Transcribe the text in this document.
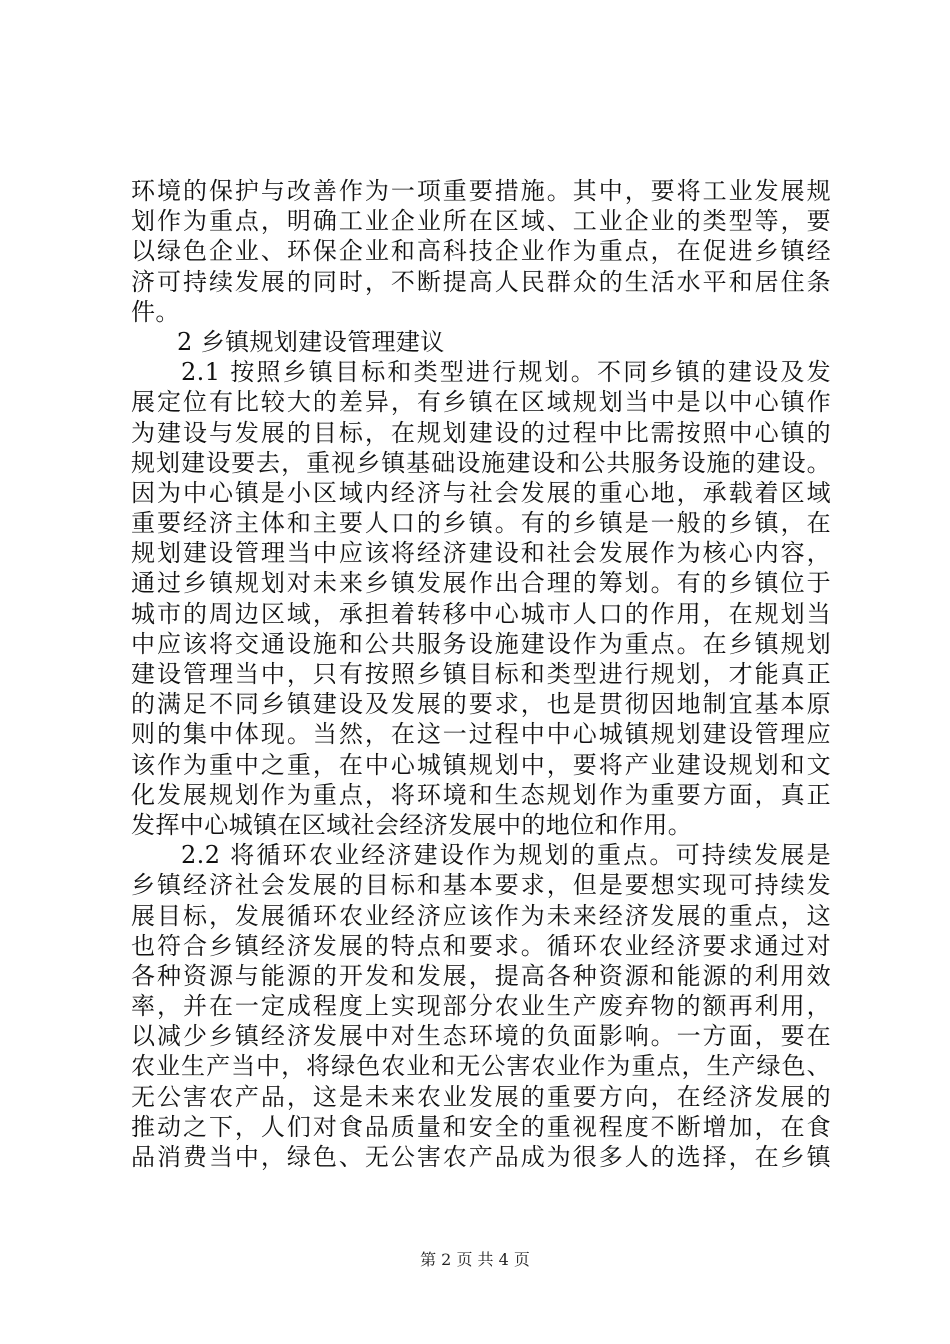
环境的保护与改善作为一项重要措施。其中，要将工业发展规
划作为重点，明确工业企业所在区域、工业企业的类型等，要
以绿色企业、环保企业和高科技企业作为重点，在促进乡镇经
济可持续发展的同时，不断提高人民群众的生活水平和居住条
件。
2 乡镇规划建设管理建议
2.1 按照乡镇目标和类型进行规划。不同乡镇的建设及发
展定位有比较大的差异，有乡镇在区域规划当中是以中心镇作
为建设与发展的目标，在规划建设的过程中比需按照中心镇的
规划建设要去，重视乡镇基础设施建设和公共服务设施的建设。
因为中心镇是小区域内经济与社会发展的重心地，承载着区域
重要经济主体和主要人口的乡镇。有的乡镇是一般的乡镇，在
规划建设管理当中应该将经济建设和社会发展作为核心内容，
通过乡镇规划对未来乡镇发展作出合理的筹划。有的乡镇位于
城市的周边区域，承担着转移中心城市人口的作用，在规划当
中应该将交通设施和公共服务设施建设作为重点。在乡镇规划
建设管理当中，只有按照乡镇目标和类型进行规划，才能真正
的满足不同乡镇建设及发展的要求，也是贯彻因地制宜基本原
则的集中体现。当然，在这一过程中中心城镇规划建设管理应
该作为重中之重，在中心城镇规划中，要将产业建设规划和文
化发展规划作为重点，将环境和生态规划作为重要方面，真正
发挥中心城镇在区域社会经济发展中的地位和作用。
2.2 将循环农业经济建设作为规划的重点。可持续发展是
乡镇经济社会发展的目标和基本要求，但是要想实现可持续发
展目标，发展循环农业经济应该作为未来经济发展的重点，这
也符合乡镇经济发展的特点和要求。循环农业经济要求通过对
各种资源与能源的开发和发展，提高各种资源和能源的利用效
率，并在一定成程度上实现部分农业生产废弃物的额再利用，
以减少乡镇经济发展中对生态环境的负面影响。一方面，要在
农业生产当中，将绿色农业和无公害农业作为重点，生产绿色、
无公害农产品，这是未来农业发展的重要方向，在经济发展的
推动之下，人们对食品质量和安全的重视程度不断增加，在食
品消费当中，绿色、无公害农产品成为很多人的选择，在乡镇
第 2 页 共 4 页
